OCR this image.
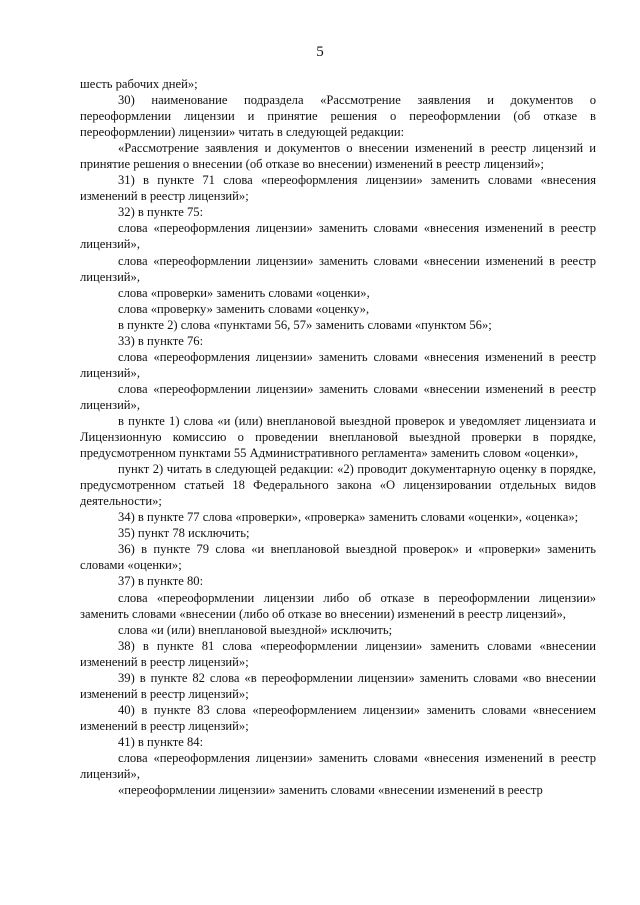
5

шесть рабочих дней»;

30) наименование подраздела «Рассмотрение заявления и документов о переоформлении лицензии и принятие решения о переоформлении (об отказе в переоформлении) лицензии» читать в следующей редакции:

«Рассмотрение заявления и документов о внесении изменений в реестр лицензий и принятие решения о внесении (об отказе во внесении) изменений в реестр лицензий»;

31) в пункте 71 слова «переоформления лицензии» заменить словами «внесения изменений в реестр лицензий»;

32) в пункте 75:

слова «переоформления лицензии» заменить словами «внесения изменений в реестр лицензий»,

слова «переоформлении лицензии» заменить словами «внесении изменений в реестр лицензий»,

слова «проверки» заменить словами «оценки»,

слова «проверку» заменить словами «оценку»,

в пункте 2) слова «пунктами 56, 57» заменить словами «пунктом 56»;

33) в пункте 76:

слова «переоформления лицензии» заменить словами «внесения изменений в реестр лицензий»,

слова «переоформлении лицензии» заменить словами «внесении изменений в реестр лицензий»,

в пункте 1) слова «и (или) внеплановой выездной проверок и уведомляет лицензиата и Лицензионную комиссию о проведении внеплановой выездной проверки в порядке, предусмотренном пунктами 55 Административного регламента» заменить словом «оценки»,

пункт 2) читать в следующей редакции: «2) проводит документарную оценку в порядке, предусмотренном статьей 18 Федерального закона «О лицензировании отдельных видов деятельности»;

34) в пункте 77 слова «проверки», «проверка» заменить словами «оценки», «оценка»;

35) пункт 78 исключить;

36) в пункте 79 слова «и внеплановой выездной проверок» и «проверки» заменить словами «оценки»;

37) в пункте 80:

слова «переоформлении лицензии либо об отказе в переоформлении лицензии» заменить словами «внесении (либо об отказе во внесении) изменений в реестр лицензий»,

слова «и (или) внеплановой выездной» исключить;

38) в пункте 81 слова «переоформлении лицензии» заменить словами «внесении изменений в реестр лицензий»;

39) в пункте 82 слова «в переоформлении лицензии» заменить словами «во внесении изменений в реестр лицензий»;

40) в пункте 83 слова «переоформлением лицензии» заменить словами «внесением изменений в реестр лицензий»;

41) в пункте 84:

слова «переоформления лицензии» заменить словами «внесения изменений в реестр лицензий»,

«переоформлении лицензии» заменить словами «внесении изменений в реестр
